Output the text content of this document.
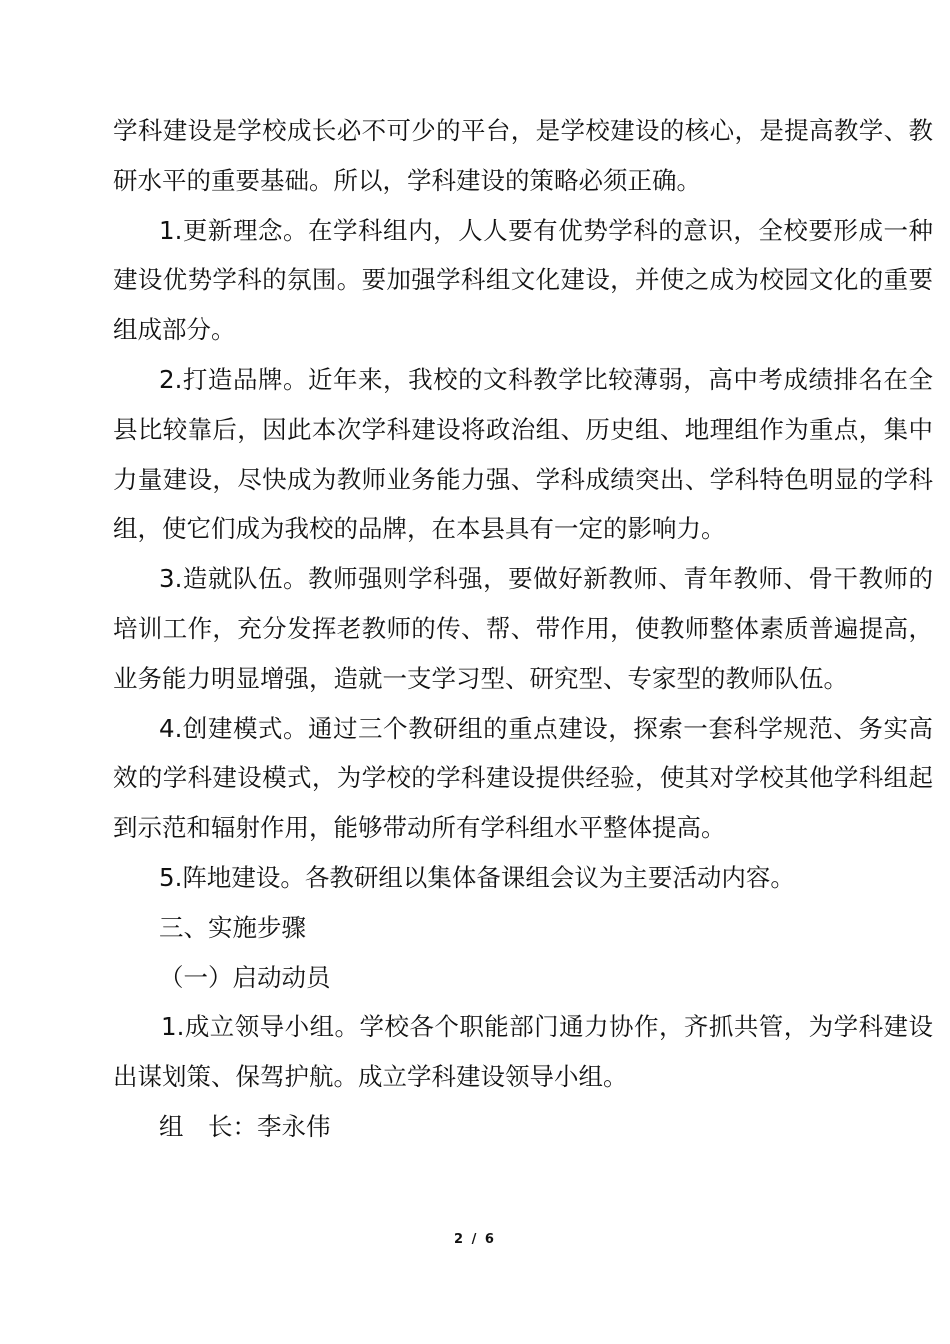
学科建设是学校成长必不可少的平台，是学校建设的核心，是提高教学、教研水平的重要基础。所以，学科建设的策略必须正确。

1.更新理念。在学科组内，人人要有优势学科的意识，全校要形成一种建设优势学科的氛围。要加强学科组文化建设，并使之成为校园文化的重要组成部分。

2.打造品牌。近年来，我校的文科教学比较薄弱，高中考成绩排名在全县比较靠后，因此本次学科建设将政治组、历史组、地理组作为重点，集中力量建设，尽快成为教师业务能力强、学科成绩突出、学科特色明显的学科组，使它们成为我校的品牌，在本县具有一定的影响力。

3.造就队伍。教师强则学科强，要做好新教师、青年教师、骨干教师的培训工作，充分发挥老教师的传、帮、带作用，使教师整体素质普遍提高，业务能力明显增强，造就一支学习型、研究型、专家型的教师队伍。

4.创建模式。通过三个教研组的重点建设，探索一套科学规范、务实高效的学科建设模式，为学校的学科建设提供经验，使其对学校其他学科组起到示范和辐射作用，能够带动所有学科组水平整体提高。

5.阵地建设。各教研组以集体备课组会议为主要活动内容。

三、实施步骤

（一）启动动员

1.成立领导小组。学校各个职能部门通力协作，齐抓共管，为学科建设出谋划策、保驾护航。成立学科建设领导小组。

组　长：李永伟

2 / 6
